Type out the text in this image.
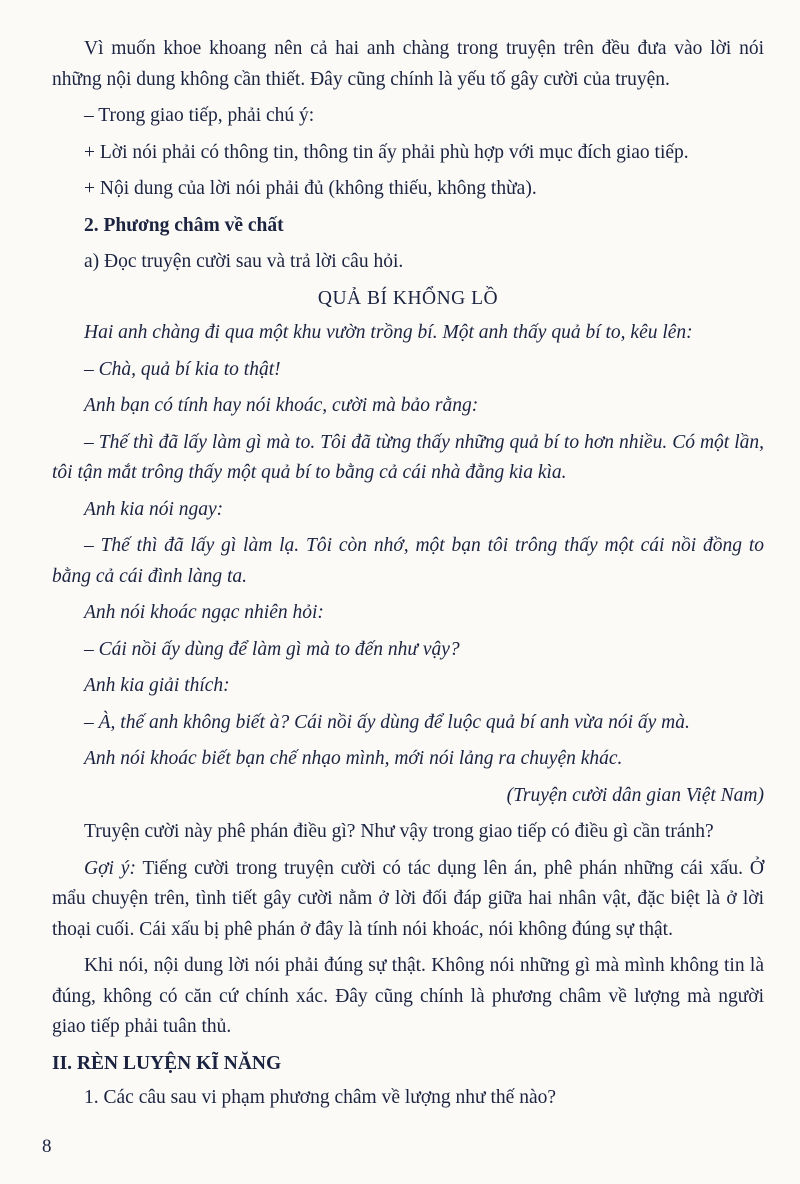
Vì muốn khoe khoang nên cả hai anh chàng trong truyện trên đều đưa vào lời nói những nội dung không cần thiết. Đây cũng chính là yếu tố gây cười của truyện.

– Trong giao tiếp, phải chú ý:

+ Lời nói phải có thông tin, thông tin ấy phải phù hợp với mục đích giao tiếp.

+ Nội dung của lời nói phải đủ (không thiếu, không thừa).

2. Phương châm về chất

a) Đọc truyện cười sau và trả lời câu hỏi.

QUẢ BÍ KHỔNG LỒ

Hai anh chàng đi qua một khu vườn trồng bí. Một anh thấy quả bí to, kêu lên:

– Chà, quả bí kia to thật!

Anh bạn có tính hay nói khoác, cười mà bảo rằng:

– Thế thì đã lấy làm gì mà to. Tôi đã từng thấy những quả bí to hơn nhiều. Có một lần, tôi tận mắt trông thấy một quả bí to bằng cả cái nhà đằng kia kìa.

Anh kia nói ngay:

– Thế thì đã lấy gì làm lạ. Tôi còn nhớ, một bạn tôi trông thấy một cái nồi đồng to bằng cả cái đình làng ta.

Anh nói khoác ngạc nhiên hỏi:

– Cái nồi ấy dùng để làm gì mà to đến như vậy?

Anh kia giải thích:

– À, thế anh không biết à? Cái nồi ấy dùng để luộc quả bí anh vừa nói ấy mà.

Anh nói khoác biết bạn chế nhạo mình, mới nói lảng ra chuyện khác.

(Truyện cười dân gian Việt Nam)

Truyện cười này phê phán điều gì? Như vậy trong giao tiếp có điều gì cần tránh?

Gợi ý: Tiếng cười trong truyện cười có tác dụng lên án, phê phán những cái xấu. Ở mẩu chuyện trên, tình tiết gây cười nằm ở lời đối đáp giữa hai nhân vật, đặc biệt là ở lời thoại cuối. Cái xấu bị phê phán ở đây là tính nói khoác, nói không đúng sự thật.

Khi nói, nội dung lời nói phải đúng sự thật. Không nói những gì mà mình không tin là đúng, không có căn cứ chính xác. Đây cũng chính là phương châm về lượng mà người giao tiếp phải tuân thủ.

II. RÈN LUYỆN KĨ NĂNG

1. Các câu sau vi phạm phương châm về lượng như thế nào?

8
